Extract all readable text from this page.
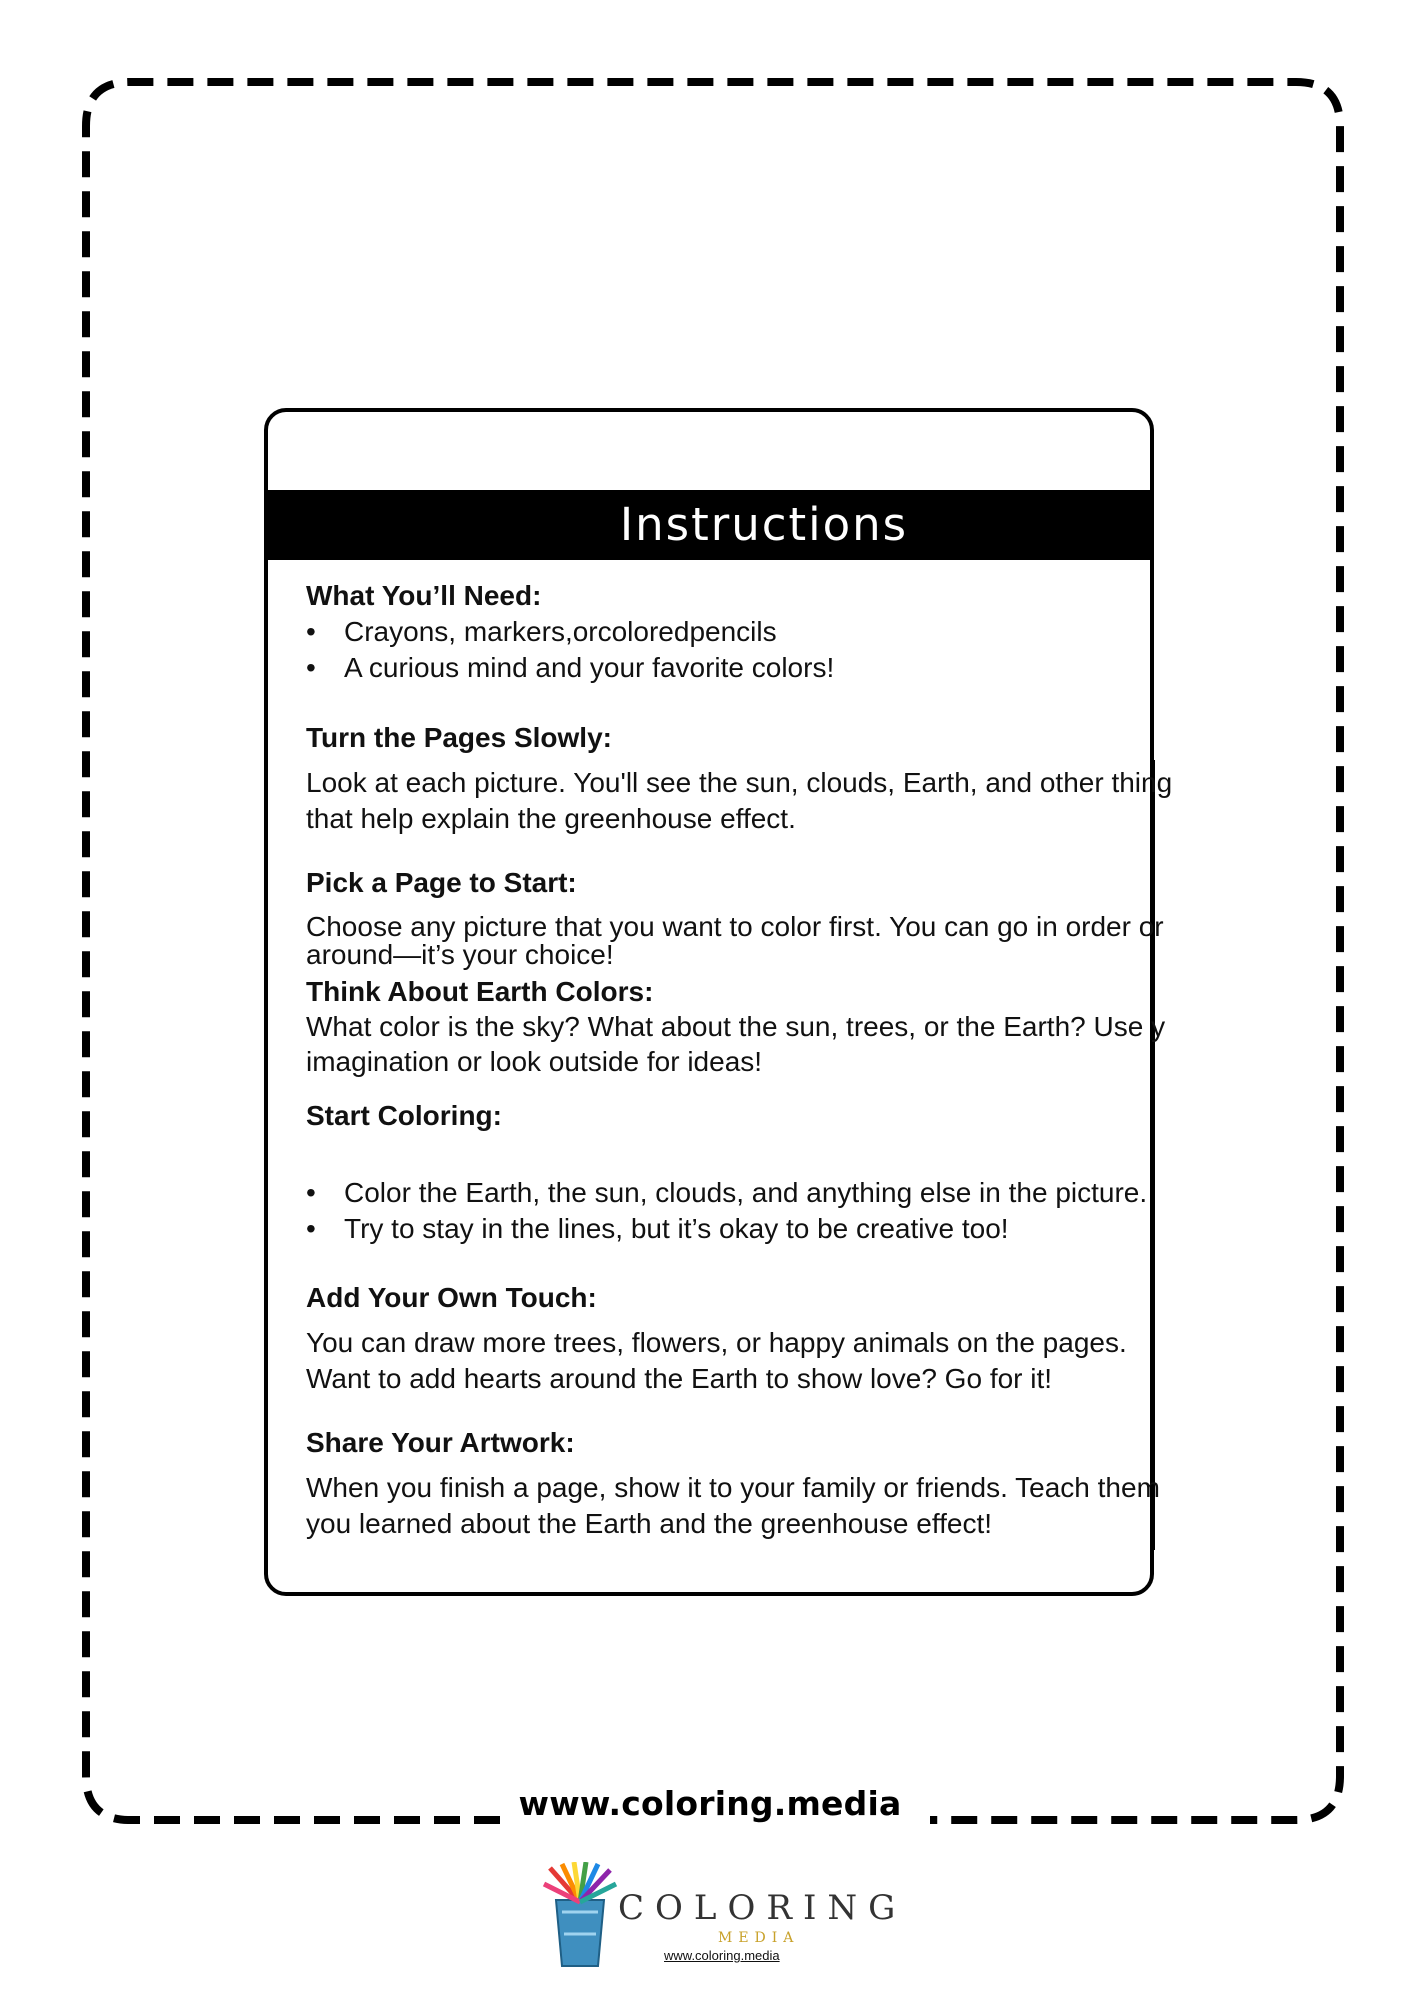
Instructions
What You’ll Need:
• Crayons, markers,orcoloredpencils
• A curious mind and your favorite colors!
Turn the Pages Slowly:
Look at each picture. You'll see the sun, clouds, Earth, and other thing
that help explain the greenhouse effect.
Pick a Page to Start:
Choose any picture that you want to color first. You can go in order or
around—it’s your choice!
Think About Earth Colors:
What color is the sky? What about the sun, trees, or the Earth? Use y
imagination or look outside for ideas!
Start Coloring:
• Color the Earth, the sun, clouds, and anything else in the picture.
• Try to stay in the lines, but it’s okay to be creative too!
Add Your Own Touch:
You can draw more trees, flowers, or happy animals on the pages.
Want to add hearts around the Earth to show love? Go for it!
Share Your Artwork:
When you finish a page, show it to your family or friends. Teach them
you learned about the Earth and the greenhouse effect!
www.coloring.media
COLORING
MEDIA
www.coloring.media
